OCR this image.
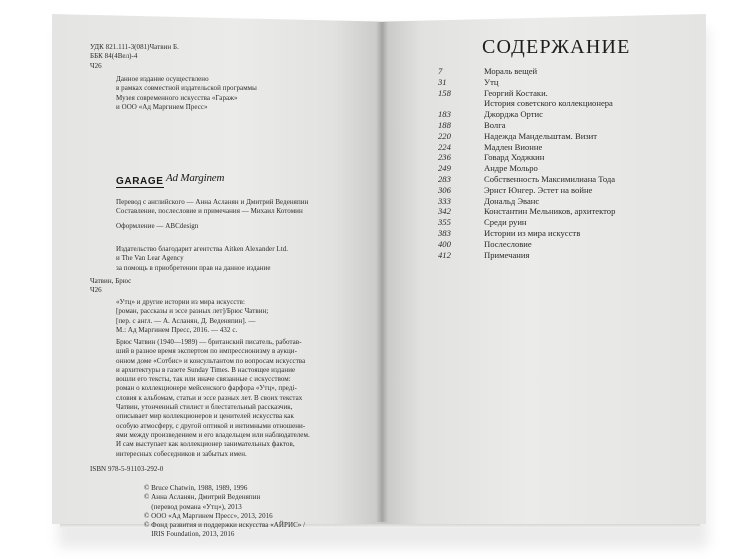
УДК 821.111-3(081)Чатвин Б.
ББК 84(4Вел)-4
Ч26
Данное издание осуществлено
в рамках совместной издательской программы
Музея современного искусства «Гараж»
и ООО «Ад Маргинем Пресс»
GARAGE Ad Marginem
Перевод с английского — Анна Асланян и Дмитрий Веденяпин
Составление, послесловие и примечания — Михаил Котомин
Оформление — ABCdesign
Издательство благодарит агентства Aitken Alexander Ltd.
и The Van Lear Agency
за помощь в приобретении прав на данное издание
Чатвин, Брюс
Ч26
«Утц» и другие истории из мира искусств:
[роман, рассказы и эссе разных лет]/Брюс Чатвин;
[пер. с англ. — А. Асланян, Д. Веденяпин]. —
М.: Ад Маргинем Пресс, 2016. — 432 с.
Брюс Чатвин (1940—1989) — британский писатель, работав-
ший в разное время экспертом по импрессионизму в аукци-
онном доме «Сотбис» и консультантом по вопросам искусства
и архитектуры в газете Sunday Times. В настоящее издание
вошли его тексты, так или иначе связанные с искусством:
роман о коллекционере мейсенского фарфора «Утц», предi-
словия к альбомам, статьи и эссе разных лет. В своих текстах
Чатвин, утонченный стилист и блестательный рассказчик,
описывает мир коллекционеров и ценителей искусства как
особую атмосферу, с другой оптикой и интимными отношени-
ями между произведением и его владельцем или наблюдателем.
И сам выступает как коллекционер занимательных фактов,
интересных собеседников и забытых имен.
ISBN 978-5-91103-292-0
© Bruce Chatwin, 1988, 1989, 1996
© Анна Асланян, Дмитрий Веденяпин
(перевод романа «Утц»), 2013
© ООО «Ад Маргинем Пресс», 2013, 2016
© Фонд развития и поддержки искусства «АЙРИС» /
IRIS Foundation, 2013, 2016
СОДЕРЖАНИЕ
7	Мораль вещей
31	Утц
158	Георгий Костаки.
История советского коллекционера
183	Джорджа Ортис
188	Волга
220	Надежда Мандельштам. Визит
224	Мадлен Вионне
236	Говард Ходжкин
249	Андре Мольро
283	Собственность Максимилиана Тода
306	Эрнст Юнгер. Эстет на войне
333	Дональд Эванс
342	Константин Мельников, архитектор
355	Среди руин
383	Истории из мира искусств
400	Послесловие
412	Примечания
